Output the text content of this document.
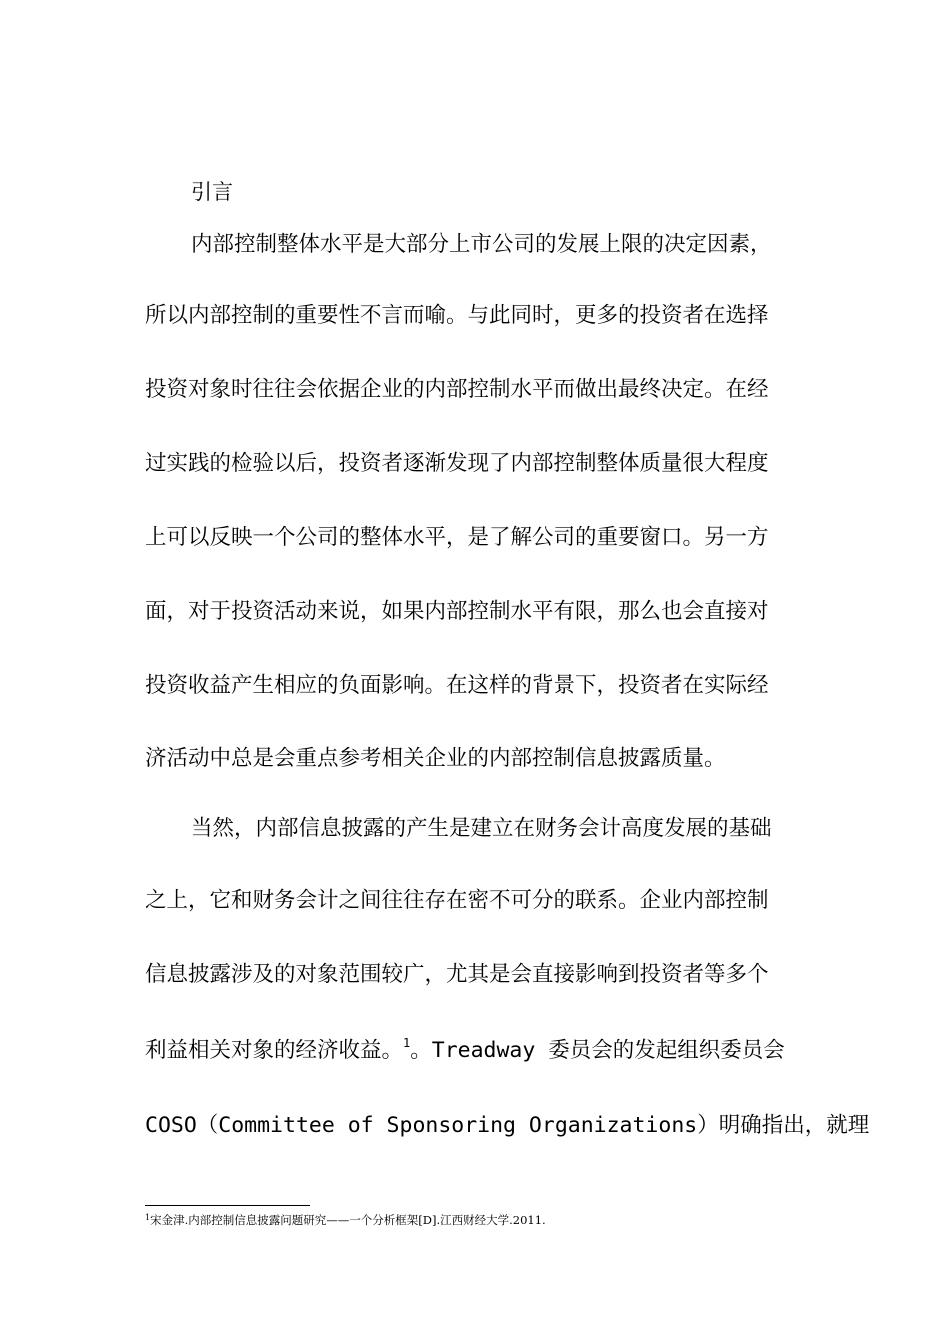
引言
内部控制整体水平是大部分上市公司的发展上限的决定因素，
所以内部控制的重要性不言而喻。与此同时，更多的投资者在选择
投资对象时往往会依据企业的内部控制水平而做出最终决定。在经
过实践的检验以后，投资者逐渐发现了内部控制整体质量很大程度
上可以反映一个公司的整体水平，是了解公司的重要窗口。另一方
面，对于投资活动来说，如果内部控制水平有限，那么也会直接对
投资收益产生相应的负面影响。在这样的背景下，投资者在实际经
济活动中总是会重点参考相关企业的内部控制信息披露质量。
当然，内部信息披露的产生是建立在财务会计高度发展的基础
之上，它和财务会计之间往往存在密不可分的联系。企业内部控制
信息披露涉及的对象范围较广，尤其是会直接影响到投资者等多个
利益相关对象的经济收益。$^1$。Treadway 委员会的发起组织委员会
COSO（Committee of Sponsoring Organizations）明确指出，就理
$^1$宋金津.内部控制信息披露问题研究——一个分析框架[D].江西财经大学.2011.
